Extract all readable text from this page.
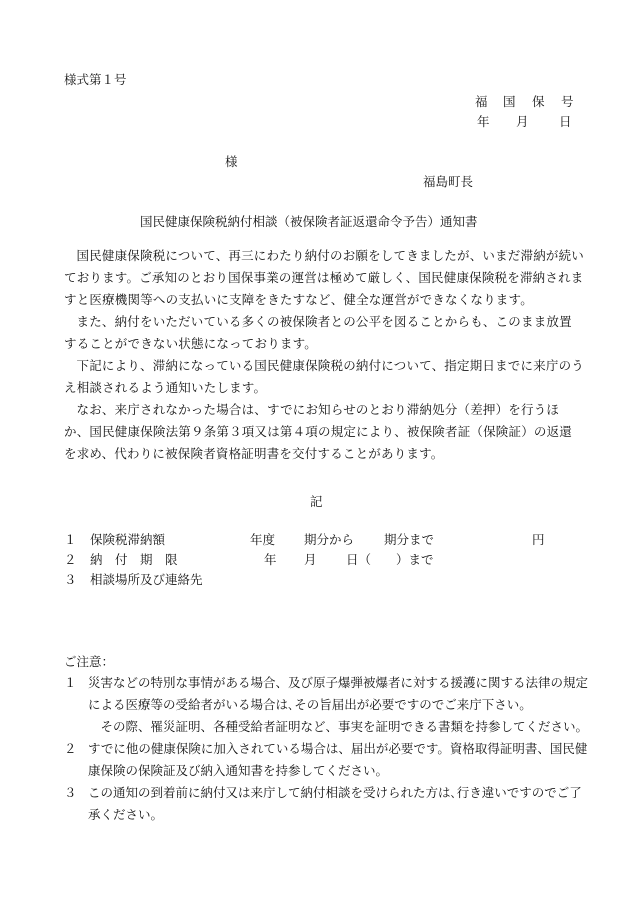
様式第１号
福 国 保 号
年 月 日
様
福島町長
国民健康保険税納付相談（被保険者証返還命令予告）通知書

国民健康保険税について、再三にわたり納付のお願をしてきましたが、いまだ滞納が続いております。ご承知のとおり国保事業の運営は極めて厳しく、国民健康保険税を滞納されますと医療機関等への支払いに支障をきたすなど、健全な運営ができなくなります。

また、納付をいただいている多くの被保険者との公平を図ることからも、このまま放置することができない状態になっております。

下記により、滞納になっている国民健康保険税の納付について、指定期日までに来庁のうえ相談されるよう通知いたします。

なお、来庁されなかった場合は、すでにお知らせのとおり滞納処分（差押）を行うほか、国民健康保険法第９条第３項又は第４項の規定により、被保険者証（保険証）の返還を求め、代わりに被保険者資格証明書を交付することがあります。

記
１ 保険税滞納額	年度 期分から 期分まで	円
２ 納　付　期　限	年 月 日（ ）まで
３ 相談場所及び連絡先
ご注意：
１ 災害などの特別な事情がある場合、及び原子爆弾被爆者に対する援護に関する法律の規定による医療等の受給者がいる場合は､その旨届出が必要ですのでご来庁下さい。
その際、罹災証明、各種受給者証明など、事実を証明できる書類を持参してください。
２ すでに他の健康保険に加入されている場合は、届出が必要です。資格取得証明書、国民健康保険の保険証及び納入通知書を持参してください。
３ この通知の到着前に納付又は来庁して納付相談を受けられた方は､行き違いですのでご了承ください。
